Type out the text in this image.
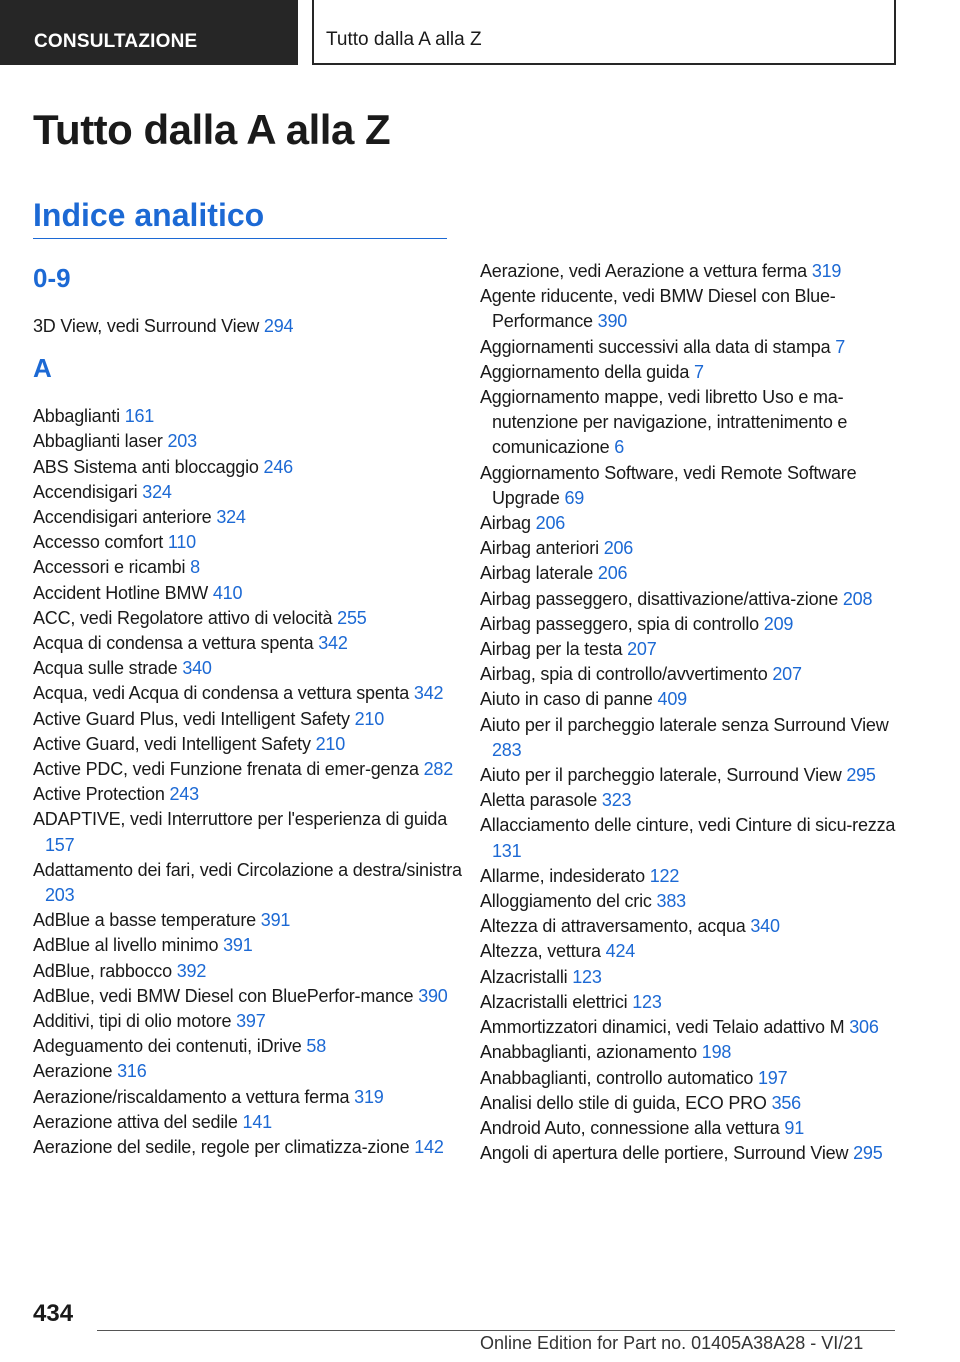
CONSULTAZIONE	Tutto dalla A alla Z
Tutto dalla A alla Z
Indice analitico
0-9
3D View, vedi Surround View 294
A
Abbaglianti 161
Abbaglianti laser 203
ABS Sistema anti bloccaggio 246
Accendisigari 324
Accendisigari anteriore 324
Accesso comfort 110
Accessori e ricambi 8
Accident Hotline BMW 410
ACC, vedi Regolatore attivo di velocità 255
Acqua di condensa a vettura spenta 342
Acqua sulle strade 340
Acqua, vedi Acqua di condensa a vettura spenta 342
Active Guard Plus, vedi Intelligent Safety 210
Active Guard, vedi Intelligent Safety 210
Active PDC, vedi Funzione frenata di emer‐genza 282
Active Protection 243
ADAPTIVE, vedi Interruttore per l'esperienza di guida 157
Adattamento dei fari, vedi Circolazione a destra/sinistra 203
AdBlue a basse temperature 391
AdBlue al livello minimo 391
AdBlue, rabbocco 392
AdBlue, vedi BMW Diesel con BluePerfor‐mance 390
Additivi, tipi di olio motore 397
Adeguamento dei contenuti, iDrive 58
Aerazione 316
Aerazione/riscaldamento a vettura ferma 319
Aerazione attiva del sedile 141
Aerazione del sedile, regole per climatizza‐zione 142
Aerazione, vedi Aerazione a vettura ferma 319
Agente riducente, vedi BMW Diesel con Blue‐Performance 390
Aggiornamenti successivi alla data di stampa 7
Aggiornamento della guida 7
Aggiornamento mappe, vedi libretto Uso e ma‐nutenzione per navigazione, intrattenimento e comunicazione 6
Aggiornamento Software, vedi Remote Software Upgrade 69
Airbag 206
Airbag anteriori 206
Airbag laterale 206
Airbag passeggero, disattivazione/attiva‐zione 208
Airbag passeggero, spia di controllo 209
Airbag per la testa 207
Airbag, spia di controllo/avvertimento 207
Aiuto in caso di panne 409
Aiuto per il parcheggio laterale senza Surround View 283
Aiuto per il parcheggio laterale, Surround View 295
Aletta parasole 323
Allacciamento delle cinture, vedi Cinture di sicu‐rezza 131
Allarme, indesiderato 122
Alloggiamento del cric 383
Altezza di attraversamento, acqua 340
Altezza, vettura 424
Alzacristalli 123
Alzacristalli elettrici 123
Ammortizzatori dinamici, vedi Telaio adattivo M 306
Anabbaglianti, azionamento 198
Anabbaglianti, controllo automatico 197
Analisi dello stile di guida, ECO PRO 356
Android Auto, connessione alla vettura 91
Angoli di apertura delle portiere, Surround View 295
434
Online Edition for Part no. 01405A38A28 - VI/21
